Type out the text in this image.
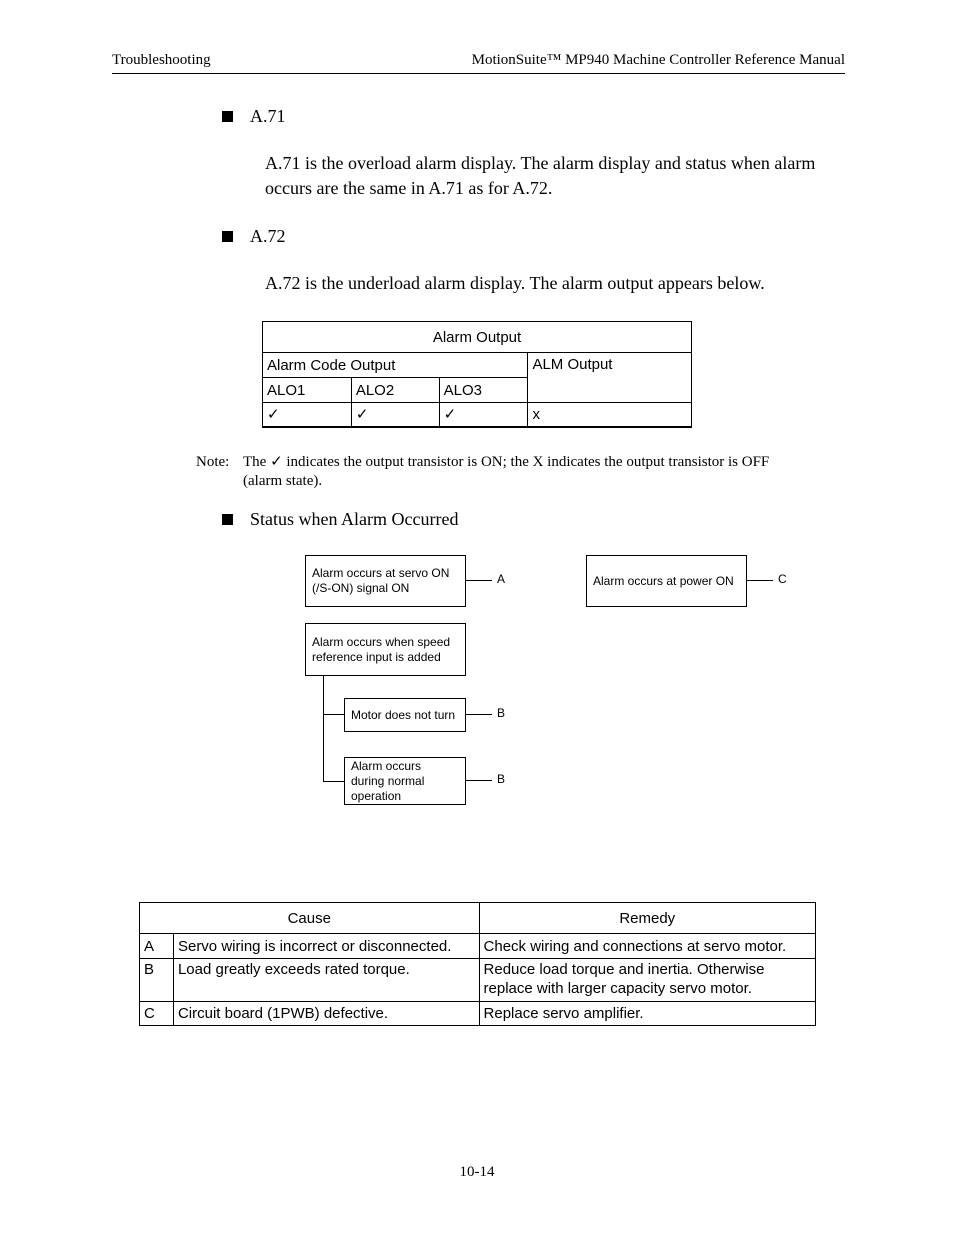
Troubleshooting	MotionSuite™ MP940 Machine Controller Reference Manual
A.71
A.71 is the overload alarm display. The alarm display and status when alarm occurs are the same in A.71 as for A.72.
A.72
A.72 is the underload alarm display. The alarm output appears below.
Alarm Output			
Alarm Code Output			ALM Output
ALO1	ALO2	ALO3	
✓	✓	✓	x
Note: The ✓ indicates the output transistor is ON; the X indicates the output transistor is OFF (alarm state).
Status when Alarm Occurred
Alarm occurs at servo ON (/S-ON) signal ON
A	Alarm occurs at power ON	C
Alarm occurs when speed reference input is added
Motor does not turn	B
Alarm occurs during normal operation
B
Cause		Remedy
A	Servo wiring is incorrect or disconnected.	Check wiring and connections at servo motor.
B	Load greatly exceeds rated torque.	Reduce load torque and inertia. Otherwise replace with larger capacity servo motor.
C	Circuit board (1PWB) defective.	Replace servo amplifier.
10-14
